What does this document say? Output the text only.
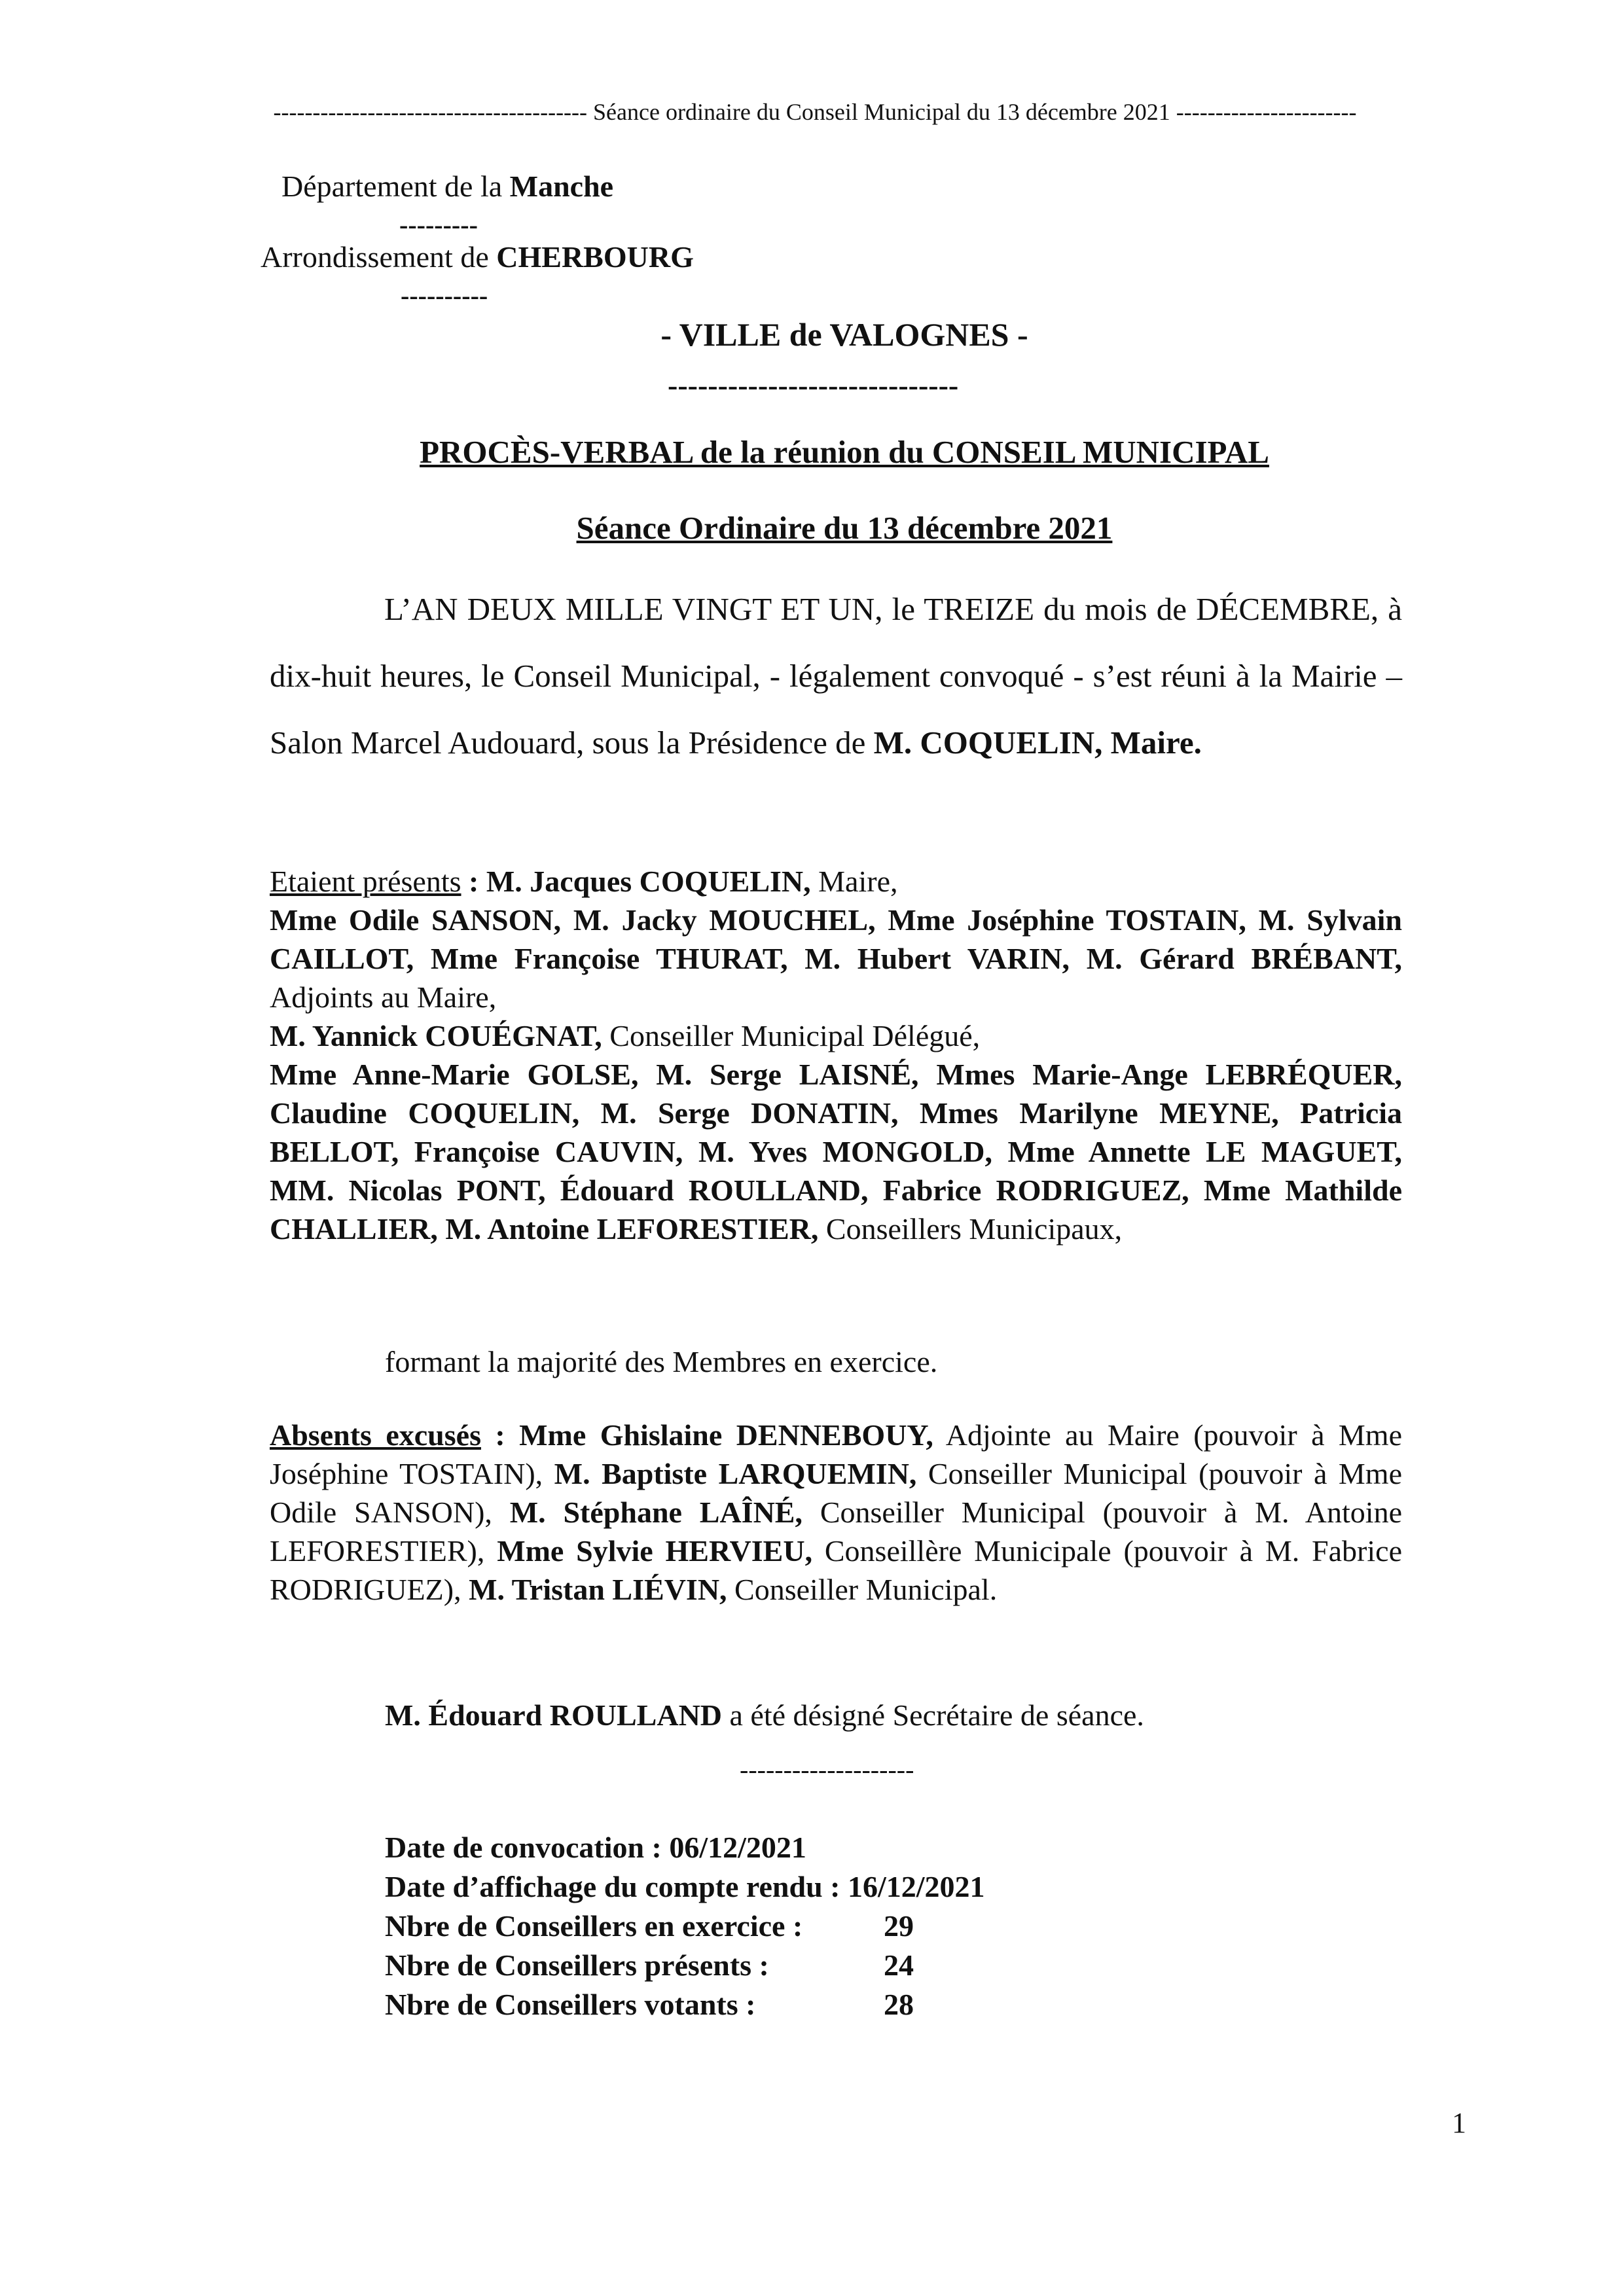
---------------------------------------- Séance ordinaire du Conseil Municipal du 13 décembre 2021 -----------------------
Département de la Manche
---------
Arrondissement de CHERBOURG
----------
- VILLE de VALOGNES -
-----------------------------
PROCÈS-VERBAL de la réunion du CONSEIL MUNICIPAL
Séance Ordinaire du 13 décembre 2021
L’AN DEUX MILLE VINGT ET UN, le TREIZE du mois de DÉCEMBRE, à dix-huit heures, le Conseil Municipal, - légalement convoqué - s’est réuni à la Mairie – Salon Marcel Audouard, sous la Présidence de M. COQUELIN, Maire.

Etaient présents : M. Jacques COQUELIN, Maire,

Mme Odile SANSON, M. Jacky MOUCHEL, Mme Joséphine TOSTAIN, M. Sylvain CAILLOT, Mme Françoise THURAT, M. Hubert VARIN, M. Gérard BRÉBANT, Adjoints au Maire,

M. Yannick COUÉGNAT, Conseiller Municipal Délégué,

Mme Anne-Marie GOLSE, M. Serge LAISNÉ, Mmes Marie-Ange LEBRÉQUER, Claudine COQUELIN, M. Serge DONATIN, Mmes Marilyne MEYNE, Patricia BELLOT, Françoise CAUVIN, M. Yves MONGOLD, Mme Annette LE MAGUET, MM. Nicolas PONT, Édouard ROULLAND, Fabrice RODRIGUEZ, Mme Mathilde CHALLIER, M. Antoine LEFORESTIER, Conseillers Municipaux,

formant la majorité des Membres en exercice.
Absents excusés : Mme Ghislaine DENNEBOUY, Adjointe au Maire (pouvoir à Mme Joséphine TOSTAIN), M. Baptiste LARQUEMIN, Conseiller Municipal (pouvoir à Mme Odile SANSON), M. Stéphane LAÎNÉ, Conseiller Municipal (pouvoir à M. Antoine LEFORESTIER), Mme Sylvie HERVIEU, Conseillère Municipale (pouvoir à M. Fabrice RODRIGUEZ), M. Tristan LIÉVIN, Conseiller Municipal.
M. Édouard ROULLAND a été désigné Secrétaire de séance.
--------------------
Date de convocation : 06/12/2021
Date d’affichage du compte rendu : 16/12/2021
Nbre de Conseillers en exercice :	29
Nbre de Conseillers présents :	24
Nbre de Conseillers votants :	28
1
